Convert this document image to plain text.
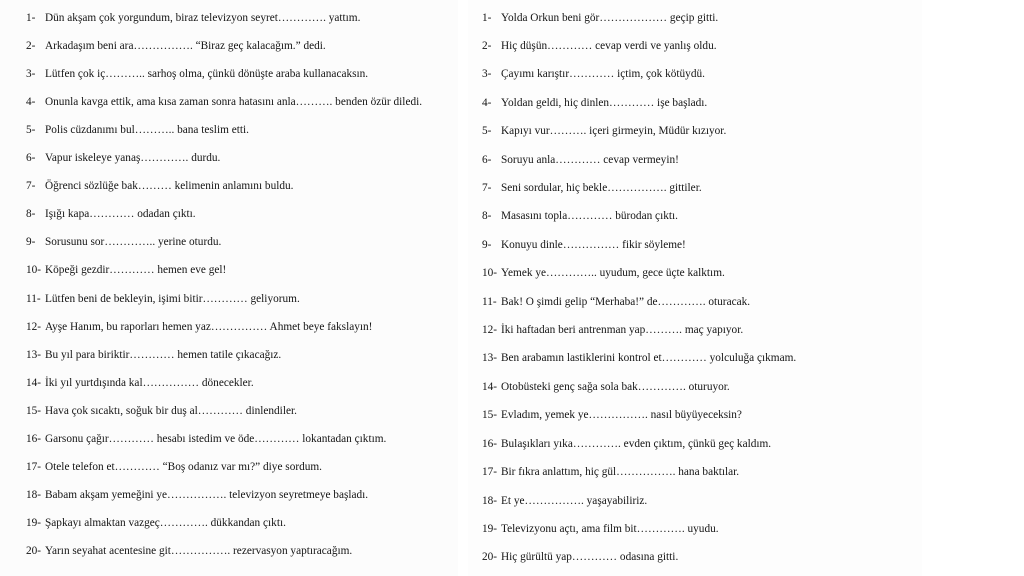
1- Dün akşam çok yorgundum, biraz televizyon seyret…………. yattım.
2- Arkadaşım beni ara……………. “Biraz geç kalacağım.” dedi.
3- Lütfen çok iç……….. sarhoş olma, çünkü dönüşte araba kullanacaksın.
4- Onunla kavga ettik, ama kısa zaman sonra hatasını anla………. benden özür diledi.
5- Polis cüzdanımı bul……….. bana teslim etti.
6- Vapur iskeleye yanaş…………. durdu.
7- Öğrenci sözlüğe bak……… kelimenin anlamını buldu.
8- Işığı kapa………… odadan çıktı.
9- Sorusunu sor………….. yerine oturdu.
10- Köpeği gezdir………… hemen eve gel!
11- Lütfen beni de bekleyin, işimi bitir………… geliyorum.
12- Ayşe Hanım, bu raporları hemen yaz…………… Ahmet beye fakslayın!
13- Bu yıl para biriktir………… hemen tatile çıkacağız.
14- İki yıl yurtdışında kal…………… dönecekler.
15- Hava çok sıcaktı, soğuk bir duş al………… dinlendiler.
16- Garsonu çağır………… hesabı istedim ve öde………… lokantadan çıktım.
17- Otele telefon et………… “Boş odanız var mı?” diye sordum.
18- Babam akşam yemeğini ye……………. televizyon seyretmeye başladı.
19- Şapkayı almaktan vazgeç…………. dükkandan çıktı.
20- Yarın seyahat acentesine git……………. rezervasyon yaptıracağım.
1- Yolda Orkun beni gör……………… geçip gitti.
2- Hiç düşün………… cevap verdi ve yanlış oldu.
3- Çayımı karıştır………… içtim, çok kötüydü.
4- Yoldan geldi, hiç dinlen………… işe başladı.
5- Kapıyı vur………. içeri girmeyin, Müdür kızıyor.
6- Soruyu anla………… cevap vermeyin!
7- Seni sordular, hiç bekle……………. gittiler.
8- Masasını topla………… bürodan çıktı.
9- Konuyu dinle…………… fikir söyleme!
10- Yemek ye………….. uyudum, gece üçte kalktım.
11- Bak! O şimdi gelip “Merhaba!” de…………. oturacak.
12- İki haftadan beri antrenman yap………. maç yapıyor.
13- Ben arabamın lastiklerini kontrol et………… yolculuğa çıkmam.
14- Otobüsteki genç sağa sola bak…………. oturuyor.
15- Evladım, yemek ye……………. nasıl büyüyeceksin?
16- Bulaşıkları yıka…………. evden çıktım, çünkü geç kaldım.
17- Bir fıkra anlattım, hiç gül……………. hana baktılar.
18- Et ye……………. yaşayabiliriz.
19- Televizyonu açtı, ama film bit…………. uyudu.
20- Hiç gürültü yap………… odasına gitti.
